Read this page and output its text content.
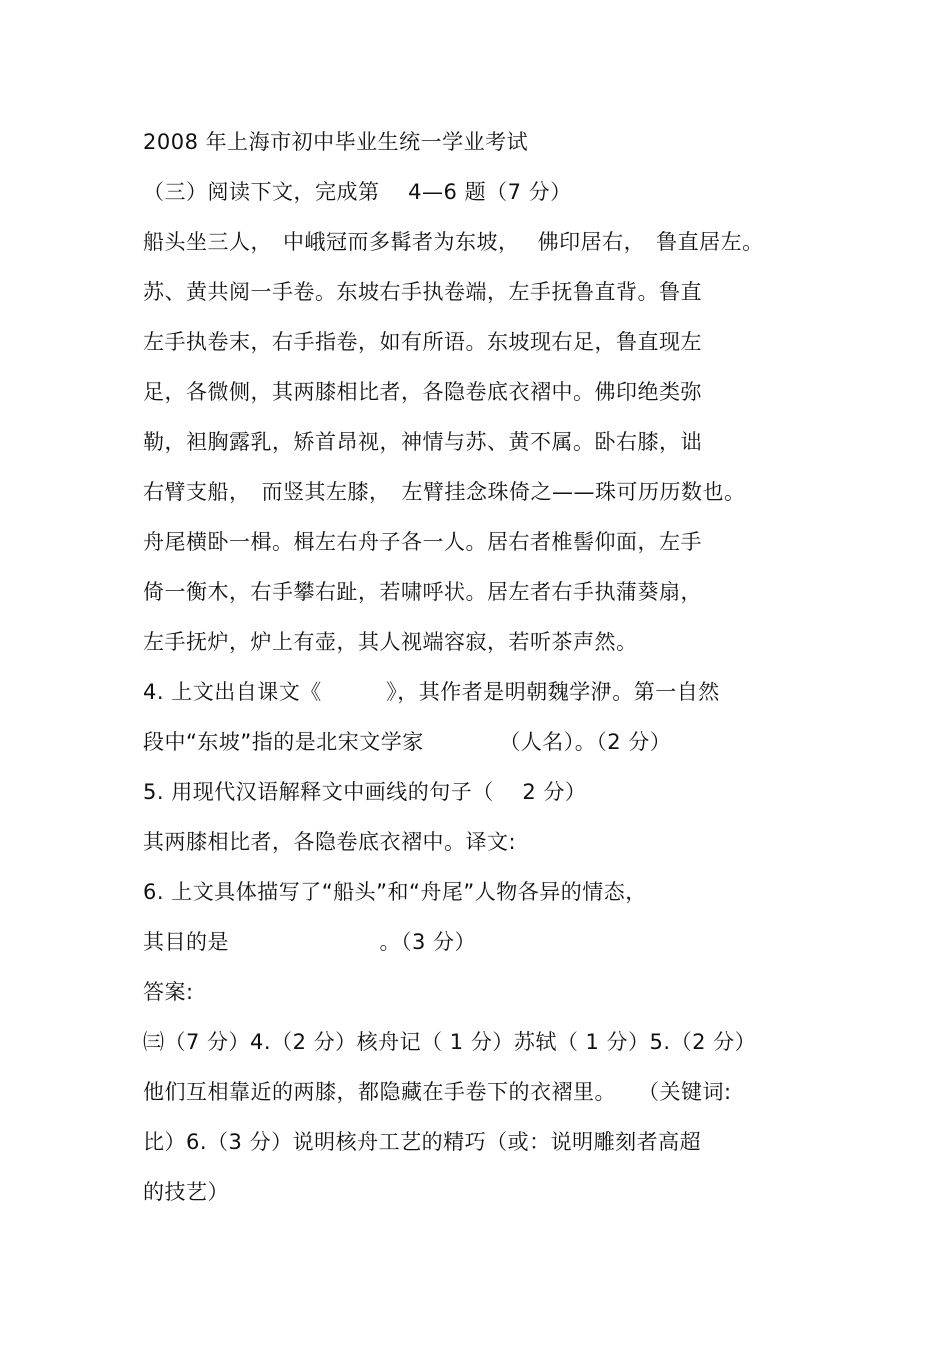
2008 年上海市初中毕业生统一学业考试
（三）阅读下文，完成第　 4—6 题（7 分）
船头坐三人，　中峨冠而多髯者为东坡，　 佛印居右，　鲁直居左。
苏、黄共阅一手卷。东坡右手执卷端，左手抚鲁直背。鲁直
左手执卷末，右手指卷，如有所语。东坡现右足，鲁直现左
足，各微侧，其两膝相比者，各隐卷底衣褶中。佛印绝类弥
勒，袒胸露乳，矫首昂视，神情与苏、黄不属。卧右膝，诎
右臂支船，　而竖其左膝，　左臂挂念珠倚之——珠可历历数也。
舟尾横卧一楫。楫左右舟子各一人。居右者椎髻仰面，左手
倚一衡木，右手攀右趾，若啸呼状。居左者右手执蒲葵扇，
左手抚炉，炉上有壶，其人视端容寂，若听茶声然。
4. 上文出自课文《　　　》，其作者是明朝魏学洢。第一自然
段中“东坡”指的是北宋文学家　　　　（人名）。（2 分）
5. 用现代汉语解释文中画线的句子（　 2 分）
其两膝相比者，各隐卷底衣褶中。译文:
6. 上文具体描写了“船头”和“舟尾”人物各异的情态，
其目的是　　　　　　　。（3 分）
答案:
㈢（7 分）4.（2 分）核舟记（ 1 分）苏轼（ 1 分）5.（2 分）
他们互相靠近的两膝，都隐藏在手卷下的衣褶里。　　（关键词:
比）6.（3 分）说明核舟工艺的精巧（或：说明雕刻者高超
的技艺）
